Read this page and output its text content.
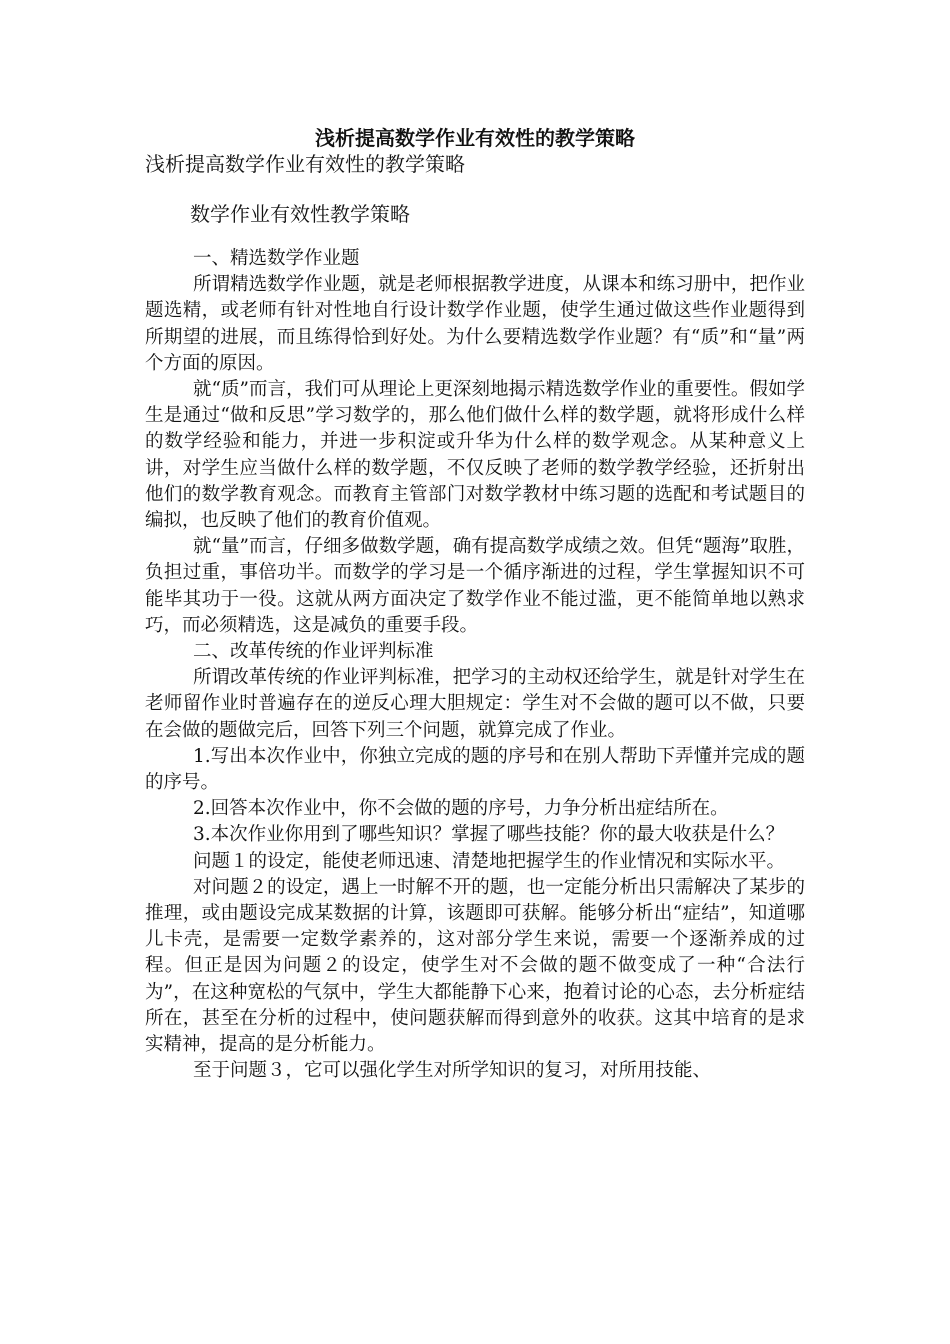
浅析提高数学作业有效性的教学策略
浅析提高数学作业有效性的教学策略
数学作业有效性教学策略

一、精选数学作业题

所谓精选数学作业题，就是老师根据教学进度，从课本和练习册中，把作业题选精，或老师有针对性地自行设计数学作业题，使学生通过做这些作业题得到所期望的进展，而且练得恰到好处。为什么要精选数学作业题？有“质”和“量”两个方面的原因。

就“质”而言，我们可从理论上更深刻地揭示精选数学作业的重要性。假如学生是通过“做和反思”学习数学的，那么他们做什么样的数学题，就将形成什么样的数学经验和能力，并进一步积淀或升华为什么样的数学观念。从某种意义上讲，对学生应当做什么样的数学题，不仅反映了老师的数学教学经验，还折射出他们的数学教育观念。而教育主管部门对数学教材中练习题的选配和考试题目的编拟，也反映了他们的教育价值观。

就“量”而言，仔细多做数学题，确有提高数学成绩之效。但凭“题海”取胜，负担过重，事倍功半。而数学的学习是一个循序渐进的过程，学生掌握知识不可能毕其功于一役。这就从两方面决定了数学作业不能过滥，更不能简单地以熟求巧，而必须精选，这是减负的重要手段。

二、改革传统的作业评判标准

所谓改革传统的作业评判标准，把学习的主动权还给学生，就是针对学生在老师留作业时普遍存在的逆反心理大胆规定：学生对不会做的题可以不做，只要在会做的题做完后，回答下列三个问题，就算完成了作业。

1.写出本次作业中，你独立完成的题的序号和在别人帮助下弄懂并完成的题的序号。

2.回答本次作业中，你不会做的题的序号，力争分析出症结所在。

3.本次作业你用到了哪些知识？掌握了哪些技能？你的最大收获是什么？

问题１的设定，能使老师迅速、清楚地把握学生的作业情况和实际水平。

对问题２的设定，遇上一时解不开的题，也一定能分析出只需解决了某步的推理，或由题设完成某数据的计算，该题即可获解。能够分析出“症结”，知道哪儿卡壳，是需要一定数学素养的，这对部分学生来说，需要一个逐渐养成的过程。但正是因为问题２的设定，使学生对不会做的题不做变成了一种“合法行为”，在这种宽松的气氛中，学生大都能静下心来，抱着讨论的心态，去分析症结所在，甚至在分析的过程中，使问题获解而得到意外的收获。这其中培育的是求实精神，提高的是分析能力。

至于问题３，它可以强化学生对所学知识的复习，对所用技能、
